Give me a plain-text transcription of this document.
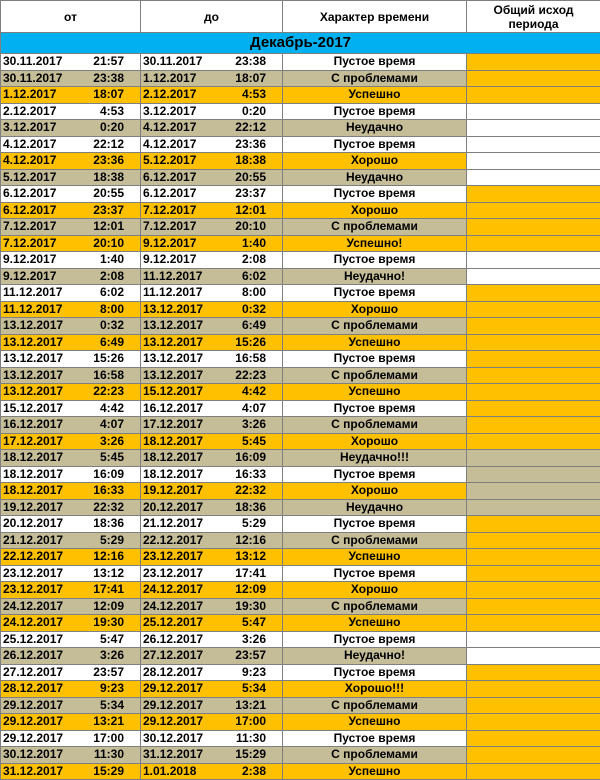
от	до	Характер времени	Общий исход периода
Декабрь-2017			

30.11.2017 21:57	30.11.2017 23:38	Пустое время	

30.11.2017 23:38	1.12.2017 18:07	С проблемами	

1.12.2017 18:07	2.12.2017 4:53	Успешно	

2.12.2017 4:53	3.12.2017 0:20	Пустое время	

3.12.2017 0:20	4.12.2017 22:12	Неудачно	

4.12.2017 22:12	4.12.2017 23:36	Пустое время	

4.12.2017 23:36	5.12.2017 18:38	Хорошо	

5.12.2017 18:38	6.12.2017 20:55	Неудачно	

6.12.2017 20:55	6.12.2017 23:37	Пустое время	

6.12.2017 23:37	7.12.2017 12:01	Хорошо	

7.12.2017 12:01	7.12.2017 20:10	С проблемами	

7.12.2017 20:10	9.12.2017 1:40	Успешно!	

9.12.2017 1:40	9.12.2017 2:08	Пустое время	

9.12.2017 2:08	11.12.2017 6:02	Неудачно!	

11.12.2017 6:02	11.12.2017 8:00	Пустое время	

11.12.2017 8:00	13.12.2017 0:32	Хорошо	

13.12.2017 0:32	13.12.2017 6:49	С проблемами	

13.12.2017 6:49	13.12.2017 15:26	Успешно	

13.12.2017 15:26	13.12.2017 16:58	Пустое время	

13.12.2017 16:58	13.12.2017 22:23	С проблемами	

13.12.2017 22:23	15.12.2017 4:42	Успешно	

15.12.2017 4:42	16.12.2017 4:07	Пустое время	

16.12.2017 4:07	17.12.2017 3:26	С проблемами	

17.12.2017 3:26	18.12.2017 5:45	Хорошо	

18.12.2017 5:45	18.12.2017 16:09	Неудачно!!!	

18.12.2017 16:09	18.12.2017 16:33	Пустое время	

18.12.2017 16:33	19.12.2017 22:32	Хорошо	

19.12.2017 22:32	20.12.2017 18:36	Неудачно	

20.12.2017 18:36	21.12.2017 5:29	Пустое время	

21.12.2017 5:29	22.12.2017 12:16	С проблемами	

22.12.2017 12:16	23.12.2017 13:12	Успешно	

23.12.2017 13:12	23.12.2017 17:41	Пустое время	

23.12.2017 17:41	24.12.2017 12:09	Хорошо	

24.12.2017 12:09	24.12.2017 19:30	С проблемами	

24.12.2017 19:30	25.12.2017 5:47	Успешно	

25.12.2017 5:47	26.12.2017 3:26	Пустое время	

26.12.2017 3:26	27.12.2017 23:57	Неудачно!	

27.12.2017 23:57	28.12.2017 9:23	Пустое время	

28.12.2017 9:23	29.12.2017 5:34	Хорошо!!!	

29.12.2017 5:34	29.12.2017 13:21	С проблемами	

29.12.2017 13:21	29.12.2017 17:00	Успешно	

29.12.2017 17:00	30.12.2017 11:30	Пустое время	

30.12.2017 11:30	31.12.2017 15:29	С проблемами	

31.12.2017 15:29	1.01.2018 2:38	Успешно	
